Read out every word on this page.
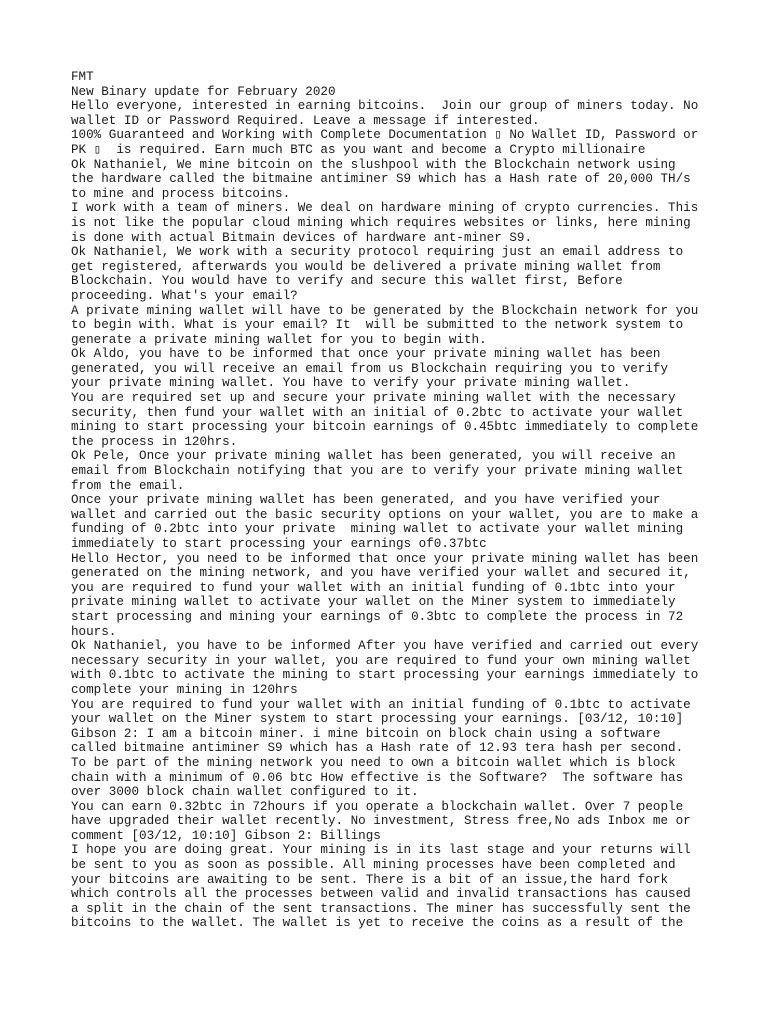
FMT
New Binary update for February 2020
Hello everyone, interested in earning bitcoins.  Join our group of miners today. No
wallet ID or Password Required. Leave a message if interested.
100% Guaranteed and Working with Complete Documentation ▯ No Wallet ID, Password or
PK ▯  is required. Earn much BTC as you want and become a Crypto millionaire
Ok Nathaniel, We mine bitcoin on the slushpool with the Blockchain network using
the hardware called the bitmaine antiminer S9 which has a Hash rate of 20,000 TH/s
to mine and process bitcoins.
I work with a team of miners. We deal on hardware mining of crypto currencies. This
is not like the popular cloud mining which requires websites or links, here mining
is done with actual Bitmain devices of hardware ant-miner S9.
Ok Nathaniel, We work with a security protocol requiring just an email address to
get registered, afterwards you would be delivered a private mining wallet from
Blockchain. You would have to verify and secure this wallet first, Before
proceeding. What's your email?
A private mining wallet will have to be generated by the Blockchain network for you
to begin with. What is your email? It  will be submitted to the network system to
generate a private mining wallet for you to begin with.
Ok Aldo, you have to be informed that once your private mining wallet has been
generated, you will receive an email from us Blockchain requiring you to verify
your private mining wallet. You have to verify your private mining wallet.
You are required set up and secure your private mining wallet with the necessary
security, then fund your wallet with an initial of 0.2btc to activate your wallet
mining to start processing your bitcoin earnings of 0.45btc immediately to complete
the process in 120hrs.
Ok Pele, Once your private mining wallet has been generated, you will receive an
email from Blockchain notifying that you are to verify your private mining wallet
from the email.
Once your private mining wallet has been generated, and you have verified your
wallet and carried out the basic security options on your wallet, you are to make a
funding of 0.2btc into your private  mining wallet to activate your wallet mining
immediately to start processing your earnings of0.37btc
Hello Hector, you need to be informed that once your private mining wallet has been
generated on the mining network, and you have verified your wallet and secured it,
you are required to fund your wallet with an initial funding of 0.1btc into your
private mining wallet to activate your wallet on the Miner system to immediately
start processing and mining your earnings of 0.3btc to complete the process in 72
hours.
Ok Nathaniel, you have to be informed After you have verified and carried out every
necessary security in your wallet, you are required to fund your own mining wallet
with 0.1btc to activate the mining to start processing your earnings immediately to
complete your mining in 120hrs
You are required to fund your wallet with an initial funding of 0.1btc to activate
your wallet on the Miner system to start processing your earnings. [03/12, 10:10]
Gibson 2: I am a bitcoin miner. i mine bitcoin on block chain using a software
called bitmaine antiminer S9 which has a Hash rate of 12.93 tera hash per second.
To be part of the mining network you need to own a bitcoin wallet which is block
chain with a minimum of 0.06 btc How effective is the Software?  The software has
over 3000 block chain wallet configured to it.
You can earn 0.32btc in 72hours if you operate a blockchain wallet. Over 7 people
have upgraded their wallet recently. No investment, Stress free,No ads Inbox me or
comment [03/12, 10:10] Gibson 2: Billings
I hope you are doing great. Your mining is in its last stage and your returns will
be sent to you as soon as possible. All mining processes have been completed and
your bitcoins are awaiting to be sent. There is a bit of an issue,the hard fork
which controls all the processes between valid and invalid transactions has caused
a split in the chain of the sent transactions. The miner has successfully sent the
bitcoins to the wallet. The wallet is yet to receive the coins as a result of the
